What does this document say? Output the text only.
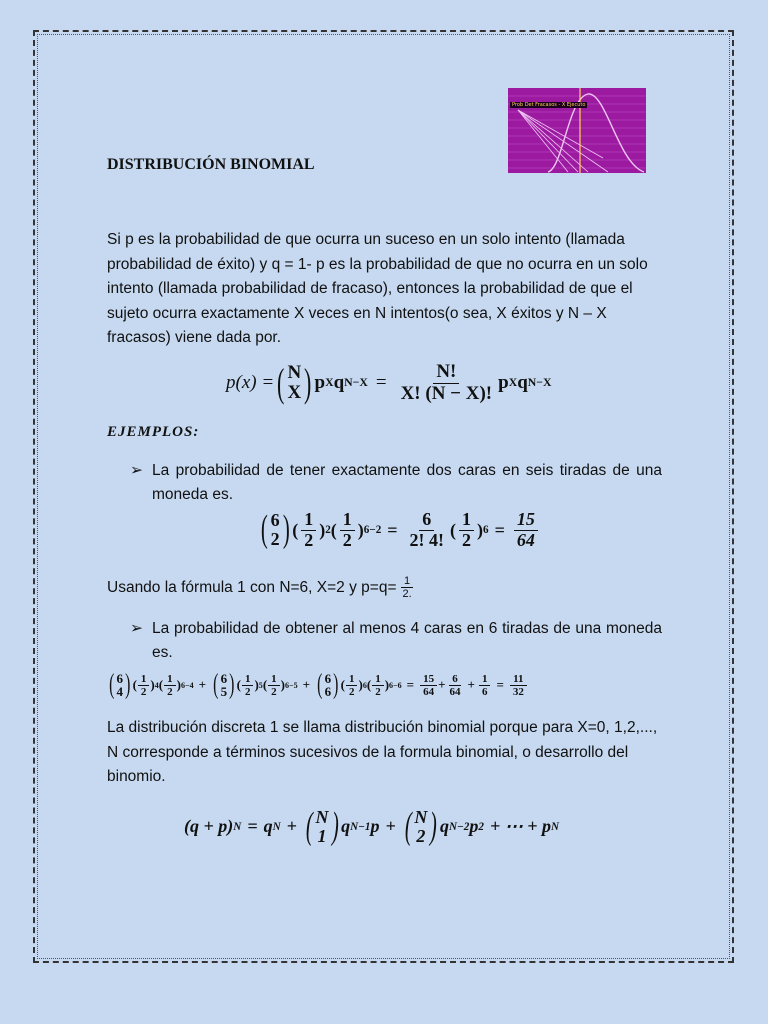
Prob Det Fracasos - X Ejecuto
DISTRIBUCIÓN BINOMIAL
Si p es la probabilidad de que ocurra un suceso en un solo intento (llamada probabilidad de éxito) y q = 1- p es la probabilidad de que no ocurra en un solo intento (llamada probabilidad de fracaso), entonces la probabilidad de que el sujeto ocurra exactamente X veces en N intentos(o sea, X éxitos y N – X fracasos) viene dada por.
p(x) = ( N
X ) p X q $N-X = \frac{N!}{X! (N - X)!}$ p X q N−X
EJEMPLOS:
➢ La probabilidad de tener exactamente dos caras en seis tiradas de una moneda es.
( 6
2 ) ( $\frac{1}{2}$ ) 2 ( $\frac{1}{2}$ ) $6-2 = \frac{6}{2! 4!}$ ( $\frac{1}{2}$ ) $6 = \frac{15}{64}$
Usando la fórmula 1 con N=6, X=2 y $p=q= \frac{1}{2.}$
➢ La probabilidad de obtener al menos 4 caras en 6 tiradas de una moneda es.
( 6
4 ) ( $\frac{1}{2}$ ) 4 ( $\frac{1}{2}$ ) 6−4 + ( 6
5 ) ( $\frac{1}{2}$ ) 5 ( $\frac{1}{2}$ ) 6−5 + ( 6
6 ) ( $\frac{1}{2}$ ) 6 ( $\frac{1}{2}$ ) $6-6 = \frac{15}{64} + \frac{6}{64} + \frac{1}{6} = \frac{11}{32}$
La distribución discreta 1 se llama distribución binomial porque para X=0, 1,2,..., N corresponde a términos sucesivos de la formula binomial, o desarrollo del binomio.
(q + p) N = q N + ( N
1 ) q N−1 p + ( N
2 ) q N−2 p 2 + ⋯ + p N
